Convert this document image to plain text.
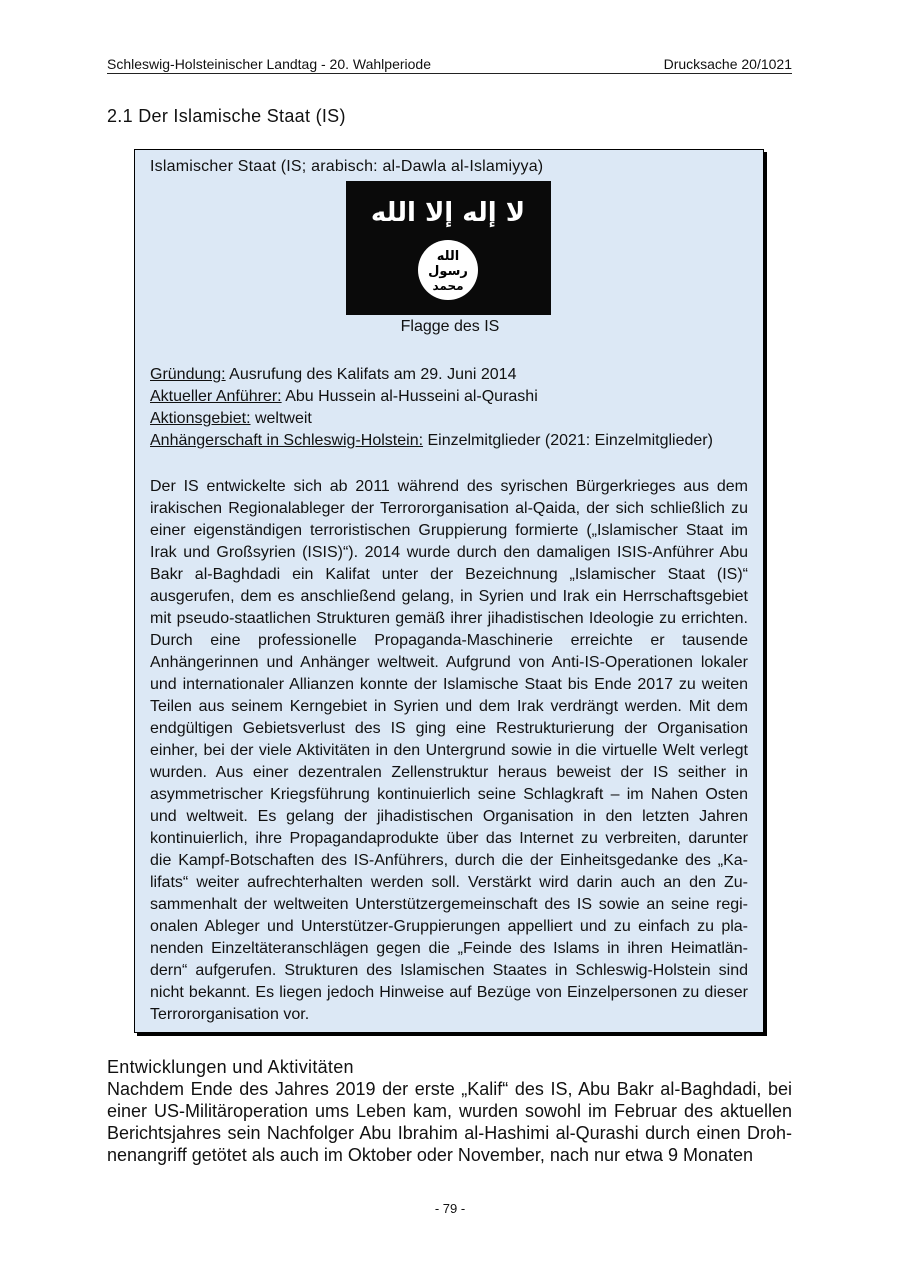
Schleswig-Holsteinischer Landtag - 20. Wahlperiode	Drucksache 20/1021
2.1 Der Islamische Staat (IS)
Islamischer Staat (IS; arabisch: al-Dawla al-Islamiyya)
لا إله إلا الله
الله
رسول
محمد
Flagge des IS
Gründung: Ausrufung des Kalifats am 29. Juni 2014
Aktueller Anführer: Abu Hussein al-Husseini al-Qurashi
Aktionsgebiet: weltweit
Anhängerschaft in Schleswig-Holstein: Einzelmitglieder (2021: Einzelmitglieder)
Der IS entwickelte sich ab 2011 während des syrischen Bürgerkrieges aus dem irakischen Regionalableger der Terrororganisation al-Qaida, der sich schließlich zu einer eigenständigen terroristischen Gruppierung formierte („Islamischer Staat im Irak und Großsyrien (ISIS)“). 2014 wurde durch den damaligen ISIS-Anführer Abu Bakr al-Baghdadi ein Kalifat unter der Bezeichnung „Islamischer Staat (IS)“ ausgerufen, dem es anschließend gelang, in Syrien und Irak ein Herrschaftsgebiet mit pseudo-staatlichen Strukturen gemäß ihrer jihadistischen Ideologie zu errichten. Durch eine professionelle Propaganda-Maschinerie erreichte er tausende Anhängerinnen und Anhänger weltweit. Aufgrund von Anti-IS-Operationen lokaler und internationaler Allianzen konnte der Islamische Staat bis Ende 2017 zu weiten Teilen aus seinem Kerngebiet in Syrien und dem Irak verdrängt werden. Mit dem endgültigen Gebietsverlust des IS ging eine Restrukturierung der Organisation einher, bei der viele Aktivitäten in den Untergrund sowie in die virtuelle Welt verlegt wurden. Aus einer dezentralen Zellenstruktur heraus beweist der IS seither in asymmetrischer Kriegsführung kontinuierlich seine Schlagkraft – im Nahen Osten und weltweit. Es gelang der jihadistischen Organisation in den letzten Jahren kontinuierlich, ihre Propagandaprodukte über das Internet zu verbreiten, darunter die Kampf-Botschaften des IS-Anführers, durch die der Einheitsgedanke des „Kalifats“ weiter aufrechterhalten werden soll. Verstärkt wird darin auch an den Zusammenhalt der weltweiten Unterstützergemeinschaft des IS sowie an seine regionalen Ableger und Unterstützer-Gruppierungen appelliert und zu einfach zu planenden Einzeltäteranschlägen gegen die „Feinde des Islams in ihren Heimatländern“ aufgerufen. Strukturen des Islamischen Staates in Schleswig-Holstein sind nicht bekannt. Es liegen jedoch Hinweise auf Bezüge von Einzelpersonen zu dieser Terrororganisation vor.
Entwicklungen und Aktivitäten
Nachdem Ende des Jahres 2019 der erste „Kalif“ des IS, Abu Bakr al-Baghdadi, bei einer US-Militäroperation ums Leben kam, wurden sowohl im Februar des aktuellen Berichtsjahres sein Nachfolger Abu Ibrahim al-Hashimi al-Qurashi durch einen Drohnenangriff getötet als auch im Oktober oder November, nach nur etwa 9 Monaten
- 79 -
